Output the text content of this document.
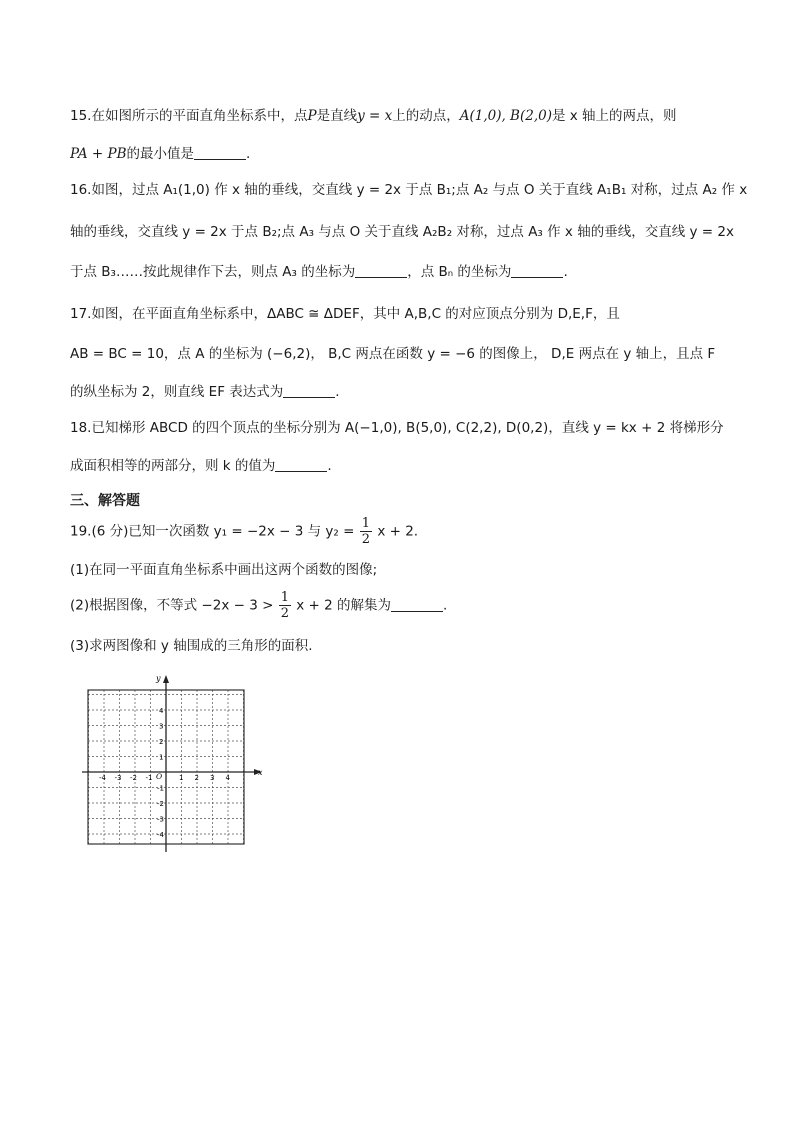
15.在如图所示的平面直角坐标系中，点P是直线y = x上的动点，A(1,0), B(2,0)是 x 轴上的两点，则
PA + PB的最小值是	.
16.如图，过点 A₁(1,0) 作 x 轴的垂线，交直线 y = 2x 于点 B₁;点 A₂ 与点 O 关于直线 A₁B₁ 对称，过点 A₂ 作 x
轴的垂线，交直线 y = 2x 于点 B₂;点 A₃ 与点 O 关于直线 A₂B₂ 对称，过点 A₃ 作 x 轴的垂线，交直线 y = 2x
于点 B₃……按此规律作下去，则点 A₃ 的坐标为	，点 Bₙ 的坐标为	.
17.如图，在平面直角坐标系中，ΔABC ≅ ΔDEF，其中 A,B,C 的对应顶点分别为 D,E,F，且
AB = BC = 10，点 A 的坐标为 (−6,2)， B,C 两点在函数 y = −6 的图像上， D,E 两点在 y 轴上，且点 F
的纵坐标为 2，则直线 EF 表达式为	.
18.已知梯形 ABCD 的四个顶点的坐标分别为 A(−1,0), B(5,0), C(2,2), D(0,2)，直线 y = kx + 2 将梯形分
成面积相等的两部分，则 k 的值为	.
三、解答题
19.(6 分)已知一次函数 y₁ = −2x − 3 与 $y_2 = \frac{1}{2}$ x + 2.
(1)在同一平面直角坐标系中画出这两个函数的图像;
(2)根据图像，不等式 $-2x - 3 > \frac{1}{2}$ x + 2 的解集为	.
(3)求两图像和 y 轴围成的三角形的面积.
x
y
O
-4 -3 -2 -1	1 2 3 4
4
3
2
1
-1
-2
-3
-4
